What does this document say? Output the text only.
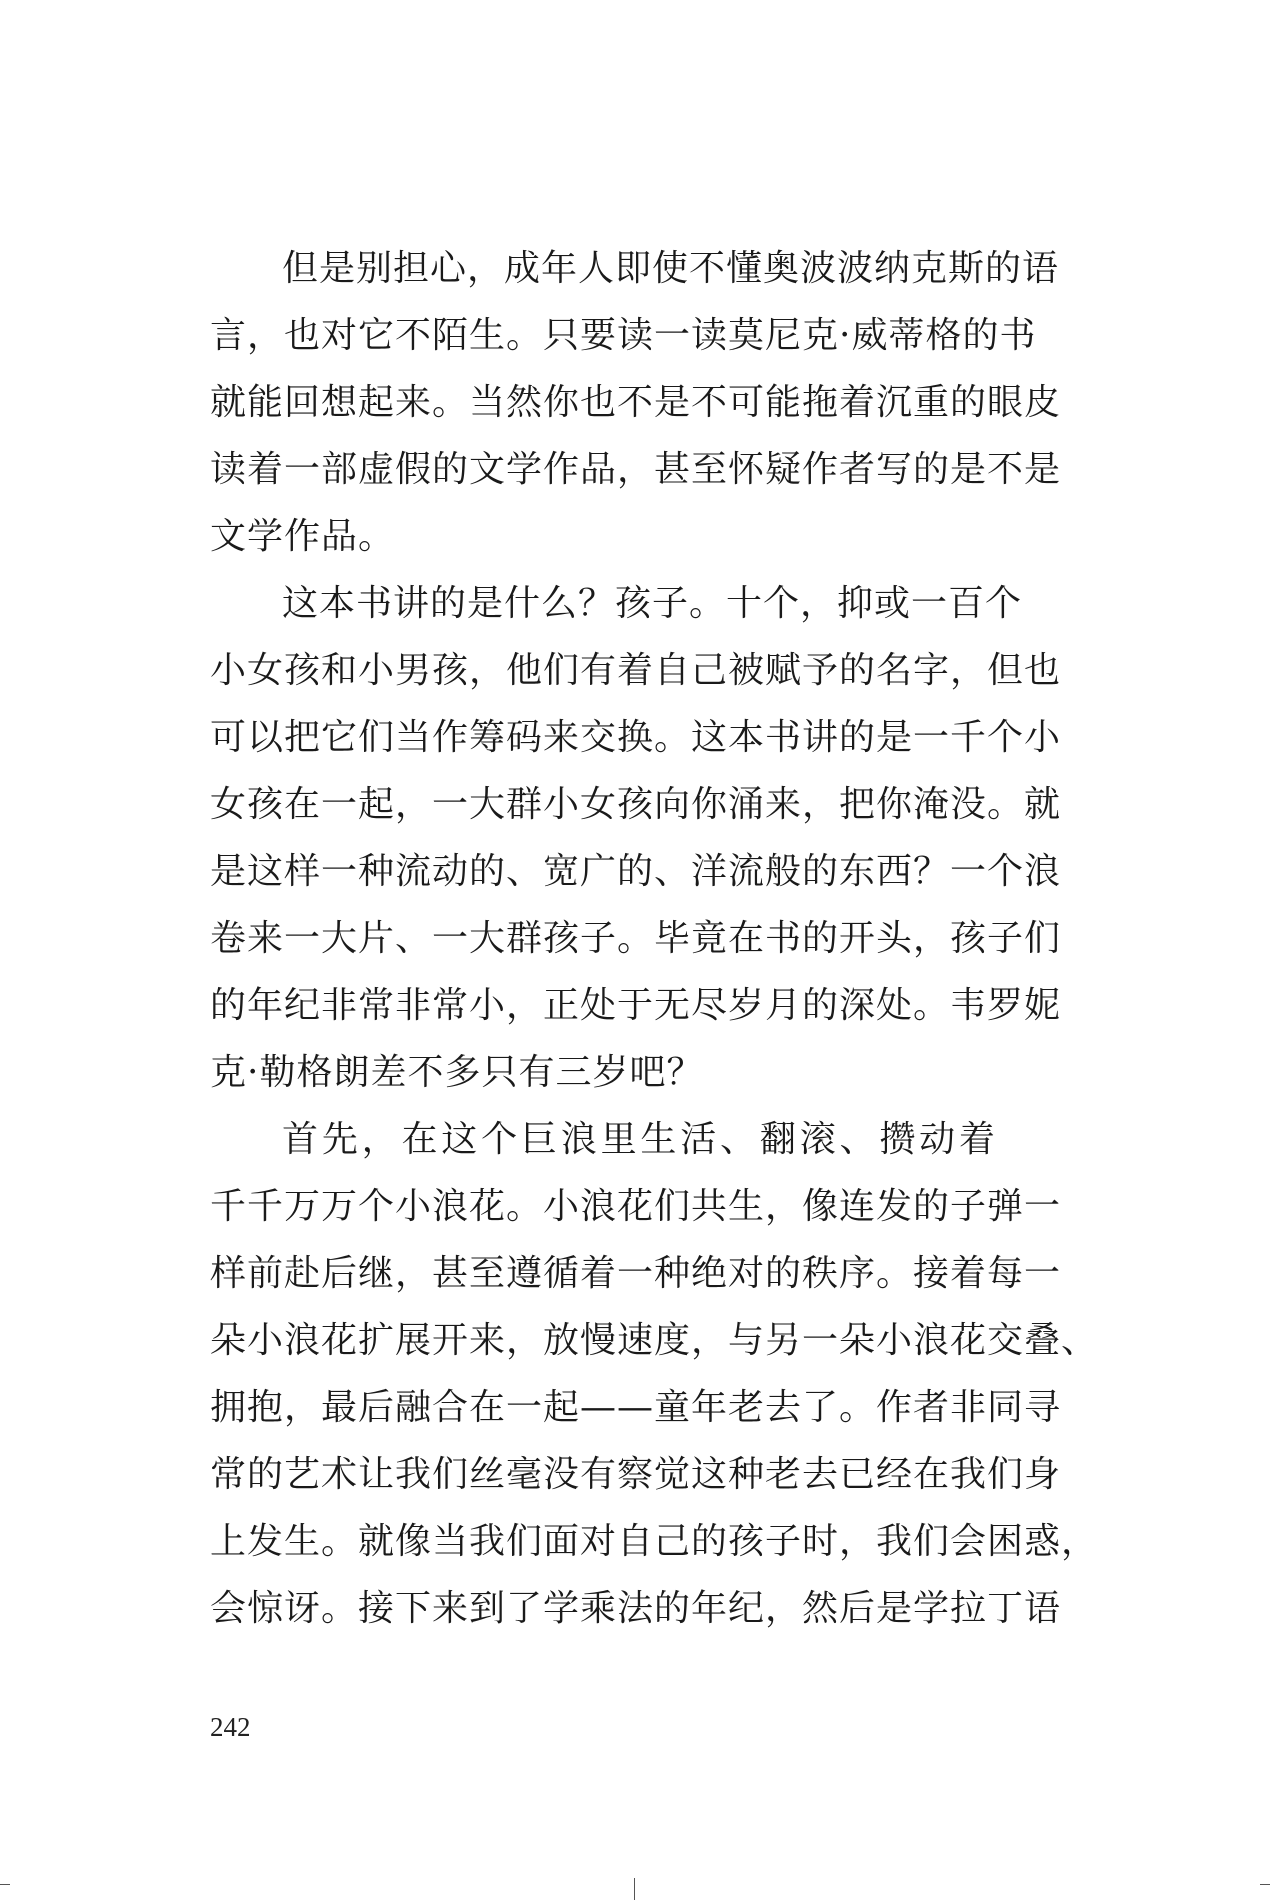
但是别担心，成年人即使不懂奥波波纳克斯的语
言，也对它不陌生。只要读一读莫尼克·威蒂格的书
就能回想起来。当然你也不是不可能拖着沉重的眼皮
读着一部虚假的文学作品，甚至怀疑作者写的是不是
文学作品。
这本书讲的是什么？孩子。十个，抑或一百个
小女孩和小男孩，他们有着自己被赋予的名字，但也
可以把它们当作筹码来交换。这本书讲的是一千个小
女孩在一起，一大群小女孩向你涌来，把你淹没。就
是这样一种流动的、宽广的、洋流般的东西？一个浪
卷来一大片、一大群孩子。毕竟在书的开头，孩子们
的年纪非常非常小，正处于无尽岁月的深处。韦罗妮
克·勒格朗差不多只有三岁吧？
首先，在这个巨浪里生活、翻滚、攒动着
千千万万个小浪花。小浪花们共生，像连发的子弹一
样前赴后继，甚至遵循着一种绝对的秩序。接着每一
朵小浪花扩展开来，放慢速度，与另一朵小浪花交叠、
拥抱，最后融合在一起——童年老去了。作者非同寻
常的艺术让我们丝毫没有察觉这种老去已经在我们身
上发生。就像当我们面对自己的孩子时，我们会困惑，
会惊讶。接下来到了学乘法的年纪，然后是学拉丁语
242
